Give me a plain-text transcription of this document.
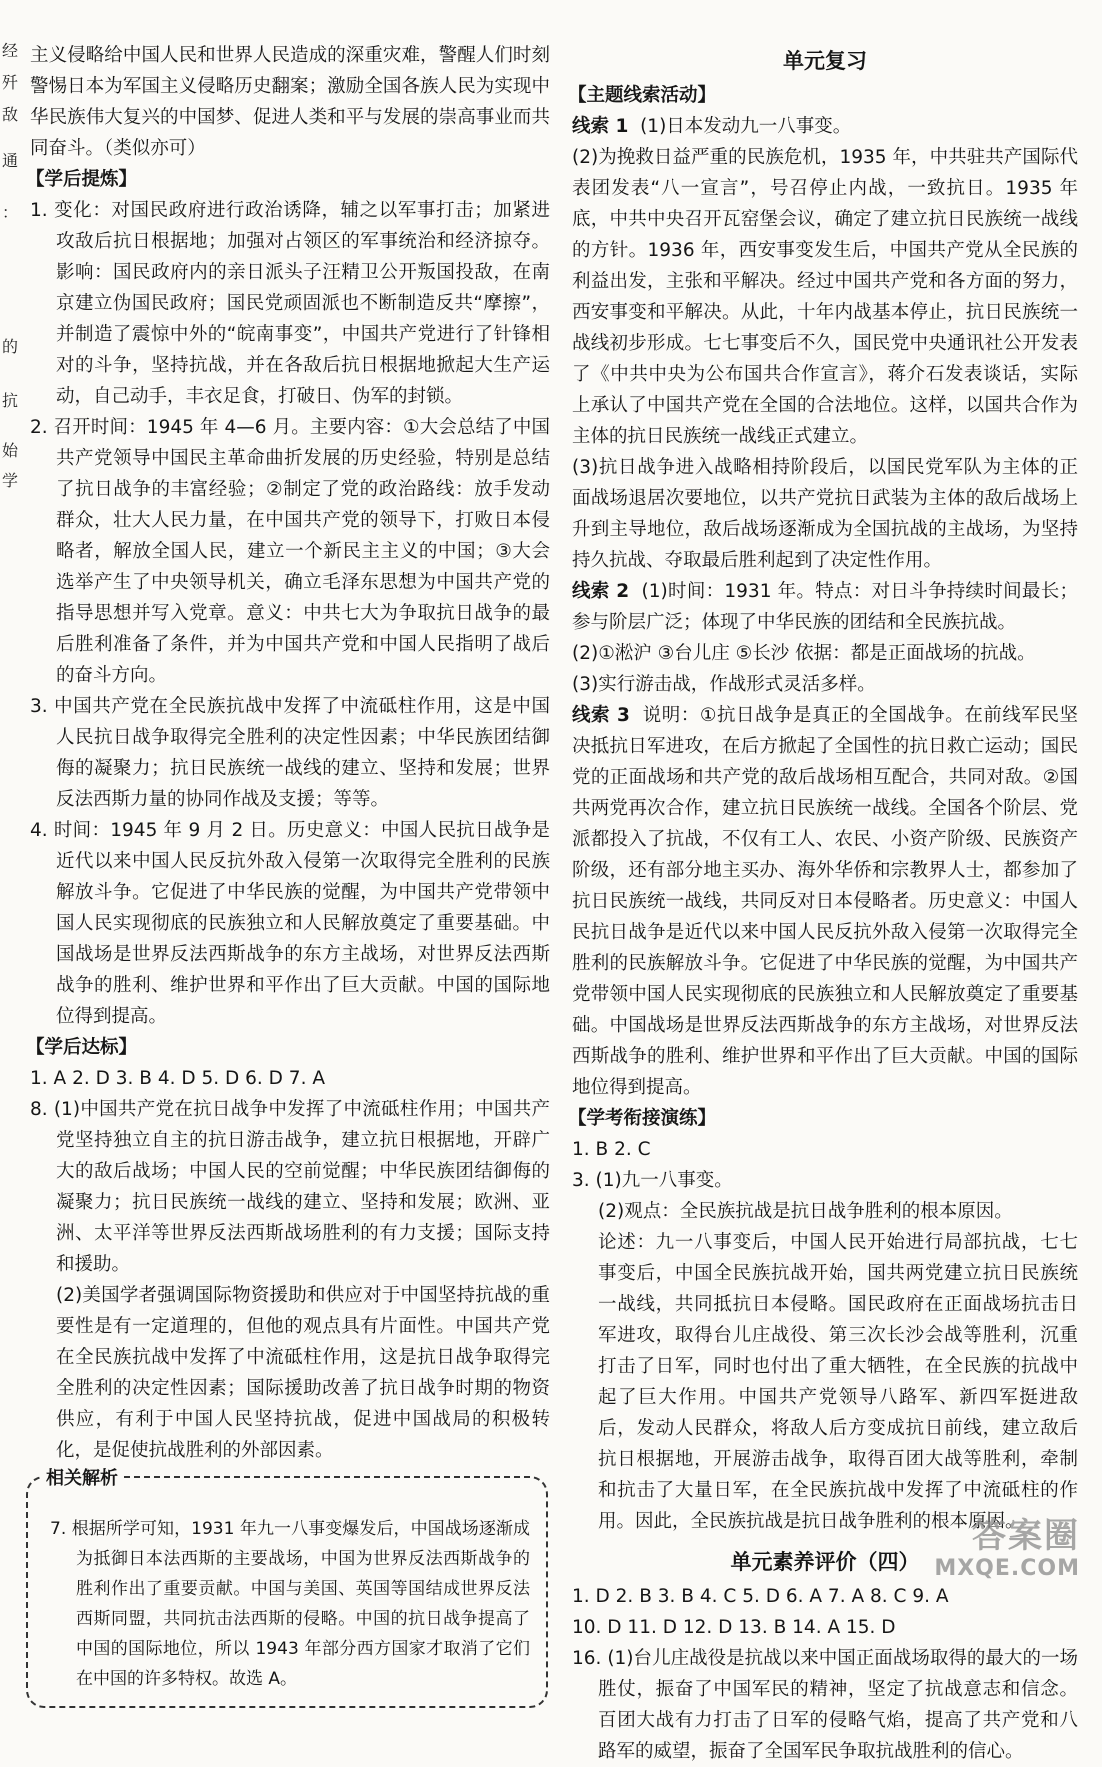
经
歼
敌
通
：
的
抗
始
学

主义侵略给中国人民和世界人民造成的深重灾难，警醒人们时刻警惕日本为军国主义侵略历史翻案；激励全国各族人民为实现中华民族伟大复兴的中国梦、促进人类和平与发展的崇高事业而共同奋斗。（类似亦可）

【学后提炼】

1. 变化：对国民政府进行政治诱降，辅之以军事打击；加紧进攻敌后抗日根据地；加强对占领区的军事统治和经济掠夺。影响：国民政府内的亲日派头子汪精卫公开叛国投敌，在南京建立伪国民政府；国民党顽固派也不断制造反共“摩擦”，并制造了震惊中外的“皖南事变”，中国共产党进行了针锋相对的斗争，坚持抗战，并在各敌后抗日根据地掀起大生产运动，自己动手，丰衣足食，打破日、伪军的封锁。

2. 召开时间：1945 年 4—6 月。主要内容：①大会总结了中国共产党领导中国民主革命曲折发展的历史经验，特别是总结了抗日战争的丰富经验；②制定了党的政治路线：放手发动群众，壮大人民力量，在中国共产党的领导下，打败日本侵略者，解放全国人民，建立一个新民主主义的中国；③大会选举产生了中央领导机关，确立毛泽东思想为中国共产党的指导思想并写入党章。意义：中共七大为争取抗日战争的最后胜利准备了条件，并为中国共产党和中国人民指明了战后的奋斗方向。

3. 中国共产党在全民族抗战中发挥了中流砥柱作用，这是中国人民抗日战争取得完全胜利的决定性因素；中华民族团结御侮的凝聚力；抗日民族统一战线的建立、坚持和发展；世界反法西斯力量的协同作战及支援；等等。

4. 时间：1945 年 9 月 2 日。历史意义：中国人民抗日战争是近代以来中国人民反抗外敌入侵第一次取得完全胜利的民族解放斗争。它促进了中华民族的觉醒，为中国共产党带领中国人民实现彻底的民族独立和人民解放奠定了重要基础。中国战场是世界反法西斯战争的东方主战场，对世界反法西斯战争的胜利、维护世界和平作出了巨大贡献。中国的国际地位得到提高。

【学后达标】

1. A 2. D 3. B 4. D 5. D 6. D 7. A

8. (1)中国共产党在抗日战争中发挥了中流砥柱作用；中国共产党坚持独立自主的抗日游击战争，建立抗日根据地，开辟广大的敌后战场；中国人民的空前觉醒；中华民族团结御侮的凝聚力；抗日民族统一战线的建立、坚持和发展；欧洲、亚洲、太平洋等世界反法西斯战场胜利的有力支援；国际支持和援助。

(2)美国学者强调国际物资援助和供应对于中国坚持抗战的重要性是有一定道理的，但他的观点具有片面性。中国共产党在全民族抗战中发挥了中流砥柱作用，这是抗日战争取得完全胜利的决定性因素；国际援助改善了抗日战争时期的物资供应，有利于中国人民坚持抗战，促进中国战局的积极转化，是促使抗战胜利的外部因素。

相关解析

7. 根据所学可知，1931 年九一八事变爆发后，中国战场逐渐成为抵御日本法西斯的主要战场，中国为世界反法西斯战争的胜利作出了重要贡献。中国与美国、英国等国结成世界反法西斯同盟，共同抗击法西斯的侵略。中国的抗日战争提高了中国的国际地位，所以 1943 年部分西方国家才取消了它们在中国的许多特权。故选 A。

单元复习

【主题线索活动】

线索 1 (1)日本发动九一八事变。

(2)为挽救日益严重的民族危机，1935 年，中共驻共产国际代表团发表“八一宣言”，号召停止内战，一致抗日。1935 年底，中共中央召开瓦窑堡会议，确定了建立抗日民族统一战线的方针。1936 年，西安事变发生后，中国共产党从全民族的利益出发，主张和平解决。经过中国共产党和各方面的努力，西安事变和平解决。从此，十年内战基本停止，抗日民族统一战线初步形成。七七事变后不久，国民党中央通讯社公开发表了《中共中央为公布国共合作宣言》，蒋介石发表谈话，实际上承认了中国共产党在全国的合法地位。这样，以国共合作为主体的抗日民族统一战线正式建立。

(3)抗日战争进入战略相持阶段后，以国民党军队为主体的正面战场退居次要地位，以共产党抗日武装为主体的敌后战场上升到主导地位，敌后战场逐渐成为全国抗战的主战场，为坚持持久抗战、夺取最后胜利起到了决定性作用。

线索 2 (1)时间：1931 年。特点：对日斗争持续时间最长；参与阶层广泛；体现了中华民族的团结和全民族抗战。

(2)①淞沪 ③台儿庄 ⑤长沙 依据：都是正面战场的抗战。

(3)实行游击战，作战形式灵活多样。

线索 3 说明：①抗日战争是真正的全国战争。在前线军民坚决抵抗日军进攻，在后方掀起了全国性的抗日救亡运动；国民党的正面战场和共产党的敌后战场相互配合，共同对敌。②国共两党再次合作，建立抗日民族统一战线。全国各个阶层、党派都投入了抗战，不仅有工人、农民、小资产阶级、民族资产阶级，还有部分地主买办、海外华侨和宗教界人士，都参加了抗日民族统一战线，共同反对日本侵略者。历史意义：中国人民抗日战争是近代以来中国人民反抗外敌入侵第一次取得完全胜利的民族解放斗争。它促进了中华民族的觉醒，为中国共产党带领中国人民实现彻底的民族独立和人民解放奠定了重要基础。中国战场是世界反法西斯战争的东方主战场，对世界反法西斯战争的胜利、维护世界和平作出了巨大贡献。中国的国际地位得到提高。

【学考衔接演练】

1. B 2. C

3. (1)九一八事变。

(2)观点：全民族抗战是抗日战争胜利的根本原因。

论述：九一八事变后，中国人民开始进行局部抗战，七七事变后，中国全民族抗战开始，国共两党建立抗日民族统一战线，共同抵抗日本侵略。国民政府在正面战场抗击日军进攻，取得台儿庄战役、第三次长沙会战等胜利，沉重打击了日军，同时也付出了重大牺牲，在全民族的抗战中起了巨大作用。中国共产党领导八路军、新四军挺进敌后，发动人民群众，将敌人后方变成抗日前线，建立敌后抗日根据地，开展游击战争，取得百团大战等胜利，牵制和抗击了大量日军，在全民族抗战中发挥了中流砥柱的作用。因此，全民族抗战是抗日战争胜利的根本原因。

单元素养评价（四）

1. D 2. B 3. B 4. C 5. D 6. A 7. A 8. C 9. A

10. D 11. D 12. D 13. B 14. A 15. D

16. (1)台儿庄战役是抗战以来中国正面战场取得的最大的一场胜仗，振奋了中国军民的精神，坚定了抗战意志和信念。百团大战有力打击了日军的侵略气焰，提高了共产党和八路军的威望，振奋了全国军民争取抗战胜利的信心。

答案圈
MXQE.COM
